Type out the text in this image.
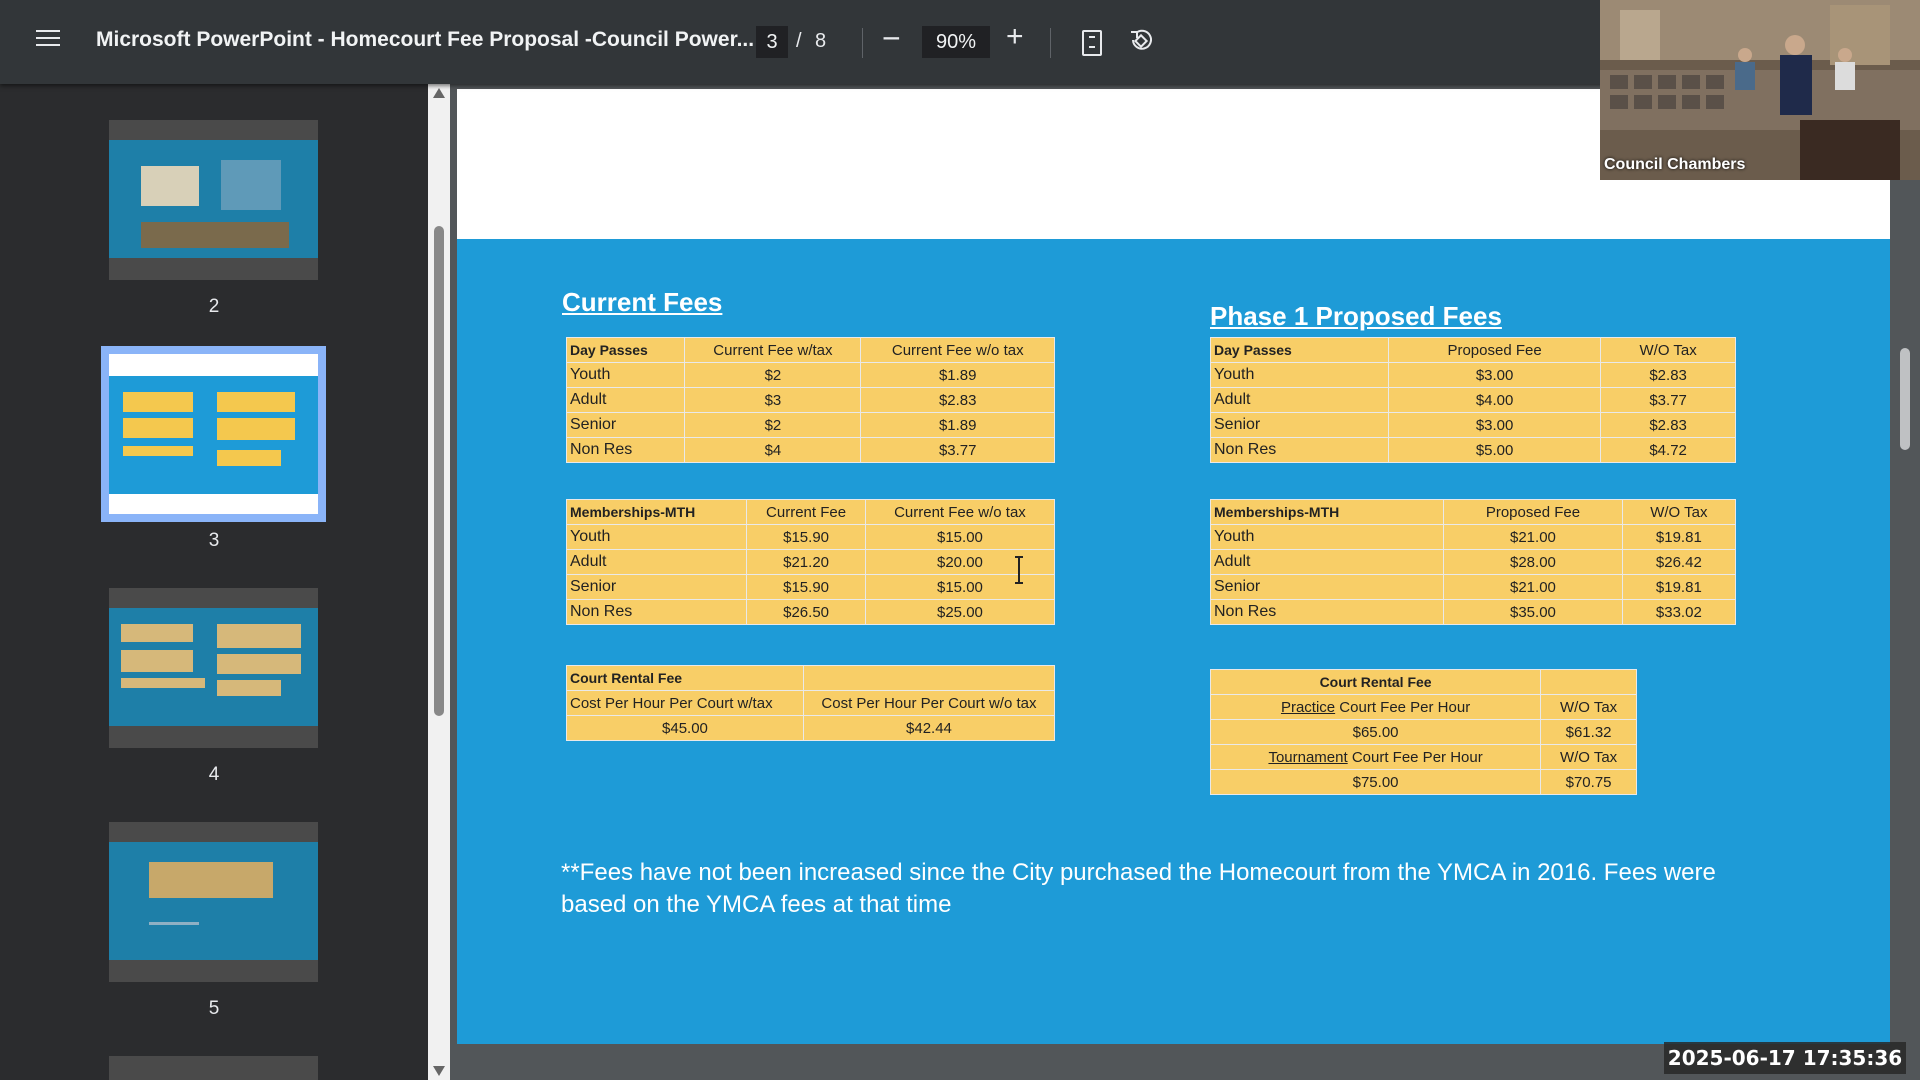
Microsoft PowerPoint - Homecourt Fee Proposal -Council Power... 3 / 8 −	90% +
2
3
4
5
Current Fees	Phase 1 Proposed Fees
Day Passes	Current Fee w/tax	Current Fee w/o tax
Youth	$2	$1.89
Adult	$3	$2.83
Senior	$2	$1.89
Non Res	$4	$3.77
Memberships-MTH	Current Fee	Current Fee w/o tax
Youth	$15.90	$15.00
Adult	$21.20	$20.00
Senior	$15.90	$15.00
Non Res	$26.50	$25.00
Court Rental Fee	
Cost Per Hour Per Court w/tax	Cost Per Hour Per Court w/o tax
$45.00	$42.44
Day Passes	Proposed Fee	W/O Tax
Youth	$3.00	$2.83
Adult	$4.00	$3.77
Senior	$3.00	$2.83
Non Res	$5.00	$4.72
Memberships-MTH	Proposed Fee	W/O Tax
Youth	$21.00	$19.81
Adult	$28.00	$26.42
Senior	$21.00	$19.81
Non Res	$35.00	$33.02
Court Rental Fee	
Practice Court Fee Per Hour	W/O Tax
$65.00	$61.32
Tournament Court Fee Per Hour	W/O Tax
$75.00	$70.75
**Fees have not been increased since the City purchased the Homecourt from the YMCA in 2016. Fees were based on the YMCA fees at that time
Council Chambers
2025-06-17 17:35:36
